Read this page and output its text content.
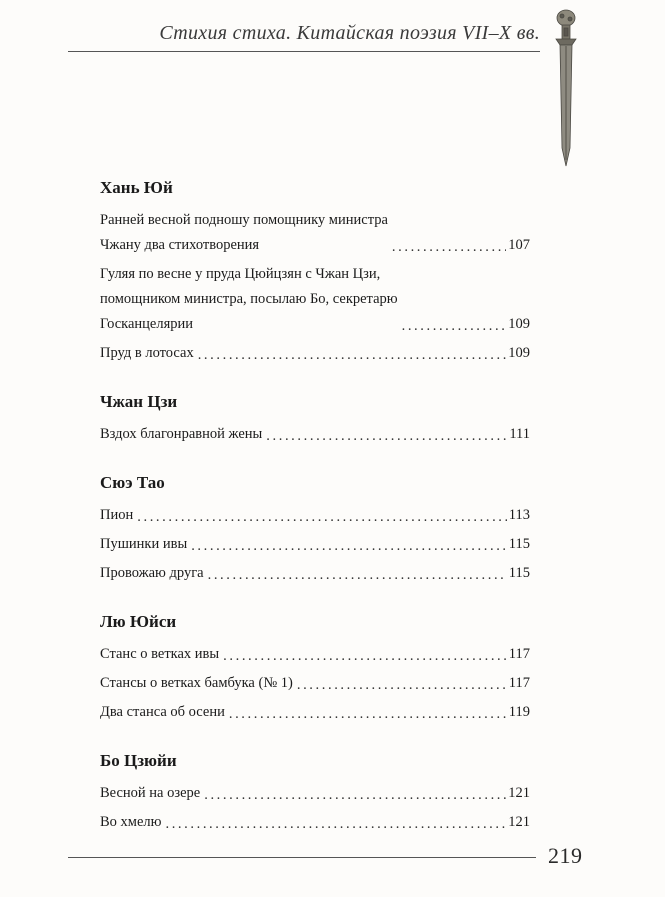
Стихия стиха. Китайская поэзия VII–X вв.
Хань Юй
Ранней весной подношу помощнику министра
Чжану два стихотворения .....	107
Гуляя по весне у пруда Цюйцзян с Чжан Цзи,
помощником министра, посылаю Бо, секретарю
Госканцелярии .....	109
Пруд в лотосах .....	109
Чжан Цзи
Вздох благонравной жены .....	111
Сюэ Тао
Пион .....	113
Пушинки ивы .....	115
Провожаю друга .....	115
Лю Юйси
Станс о ветках ивы .....	117
Стансы о ветках бамбука (№ 1) .....	117
Два станса об осени .....	119
Бо Цзюйи
Весной на озере .....	121
Во хмелю .....	121
219
